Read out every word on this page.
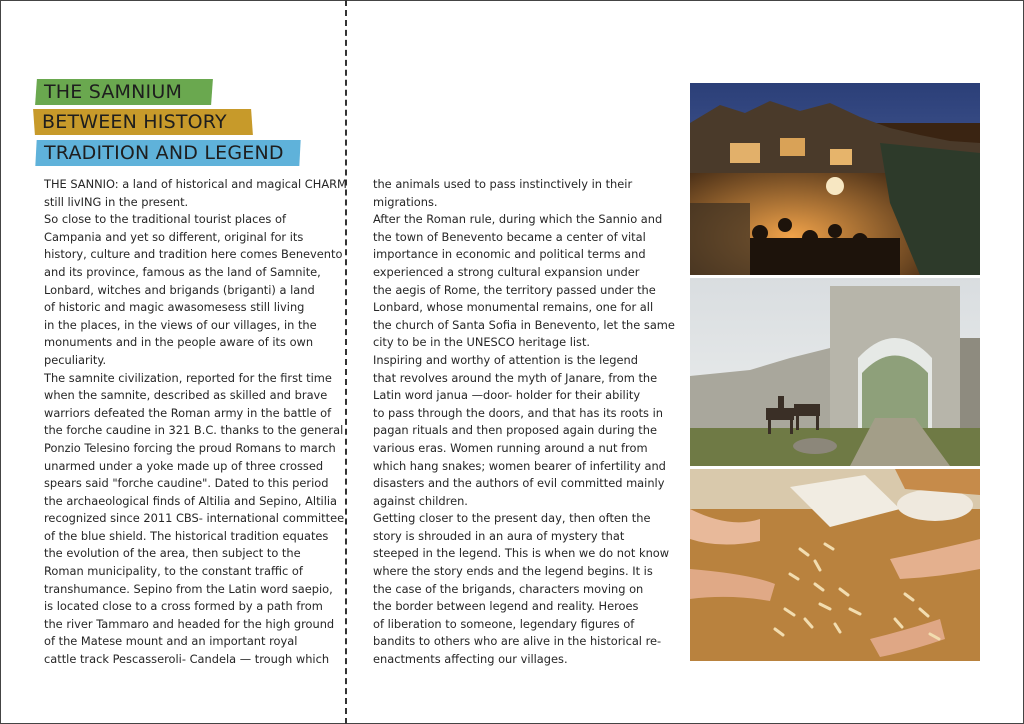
THE SAMNIUM
BETWEEN HISTORY
TRADITION AND LEGEND
THE SANNIO: a land of historical and magical CHARM
still livING in the present.
So close to the traditional tourist places of
Campania and yet so different, original for its
history, culture and tradition here comes Benevento
and its province, famous as the land of Samnite,
Lonbard, witches and brigands (briganti) a land
of historic and magic awasomesess still living
in the places, in the views of our villages, in the
monuments and in the people aware of its own
peculiarity.
The samnite civilization, reported for the first time
when the samnite, described as skilled and brave
warriors defeated the Roman army in the battle of
the forche caudine in 321 B.C. thanks to the general
Ponzio Telesino forcing the proud Romans to march
unarmed under a yoke made up of three crossed
spears said "forche caudine". Dated to this period
the archaeological finds of Altilia and Sepino, Altilia
recognized since 2011 CBS- international committee
of the blue shield. The historical tradition equates
the evolution of the area, then subject to the
Roman municipality, to the constant traffic of
transhumance. Sepino from the Latin word saepio,
is located close to a cross formed by a path from
the river Tammaro and headed for the high ground
of the Matese mount and an important royal
cattle track Pescasseroli- Candela — trough which
the animals used to pass instinctively in their
migrations.
After the Roman rule, during which the Sannio and
the town of Benevento became a center of vital
importance in economic and political terms and
experienced a strong cultural expansion under
the aegis of Rome, the territory passed under the
Lonbard, whose monumental remains, one for all
the church of Santa Sofia in Benevento, let the same
city to be in the UNESCO heritage list.
Inspiring and worthy of attention is the legend
that revolves around the myth of Janare, from the
Latin word janua —door- holder for their ability
to pass through the doors, and that has its roots in
pagan rituals and then proposed again during the
various eras. Women running around a nut from
which hang snakes; women bearer of infertility and
disasters and the authors of evil committed mainly
against children.
Getting closer to the present day, then often the
story is shrouded in an aura of mystery that
steeped in the legend. This is when we do not know
where the story ends and the legend begins. It is
the case of the brigands, characters moving on
the border between legend and reality. Heroes
of liberation to someone, legendary figures of
bandits to others who are alive in the historical re-
enactments affecting our villages.
